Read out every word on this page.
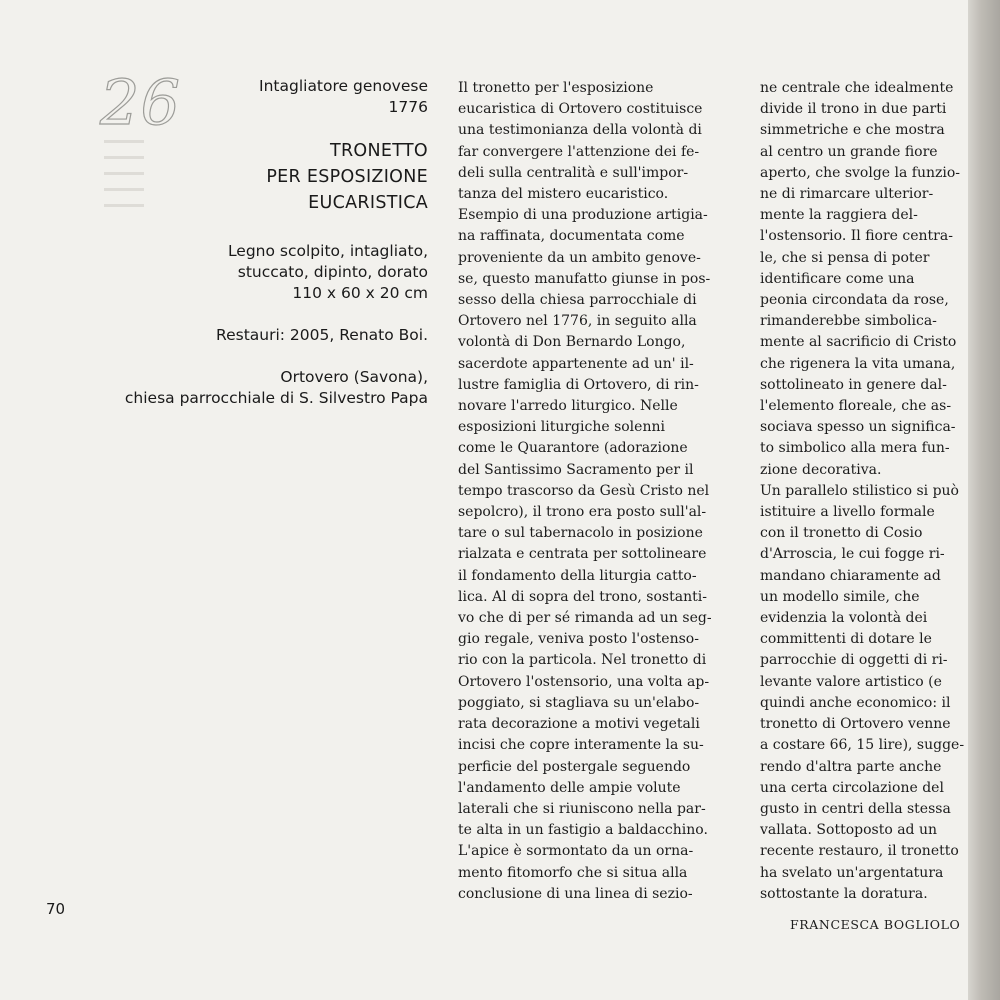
26	Intagliatore genovese
1776
TRONETTO
PER ESPOSIZIONE
EUCARISTICA
Legno scolpito, intagliato,
stuccato, dipinto, dorato
110 x 60 x 20 cm
Restauri: 2005, Renato Boi.
Ortovero (Savona),
chiesa parrocchiale di S. Silvestro Papa
Il tronetto per l'esposizione
eucaristica di Ortovero costituisce
una testimonianza della volontà di
far convergere l'attenzione dei fe-
deli sulla centralità e sull'impor-
tanza del mistero eucaristico.
Esempio di una produzione artigia-
na raffinata, documentata come
proveniente da un ambito genove-
se, questo manufatto giunse in pos-
sesso della chiesa parrocchiale di
Ortovero nel 1776, in seguito alla
volontà di Don Bernardo Longo,
sacerdote appartenente ad un' il-
lustre famiglia di Ortovero, di rin-
novare l'arredo liturgico. Nelle
esposizioni liturgiche solenni
come le Quarantore (adorazione
del Santissimo Sacramento per il
tempo trascorso da Gesù Cristo nel
sepolcro), il trono era posto sull'al-
tare o sul tabernacolo in posizione
rialzata e centrata per sottolineare
il fondamento della liturgia catto-
lica. Al di sopra del trono, sostanti-
vo che di per sé rimanda ad un seg-
gio regale, veniva posto l'ostenso-
rio con la particola. Nel tronetto di
Ortovero l'ostensorio, una volta ap-
poggiato, si stagliava su un'elabo-
rata decorazione a motivi vegetali
incisi che copre interamente la su-
perficie del postergale seguendo
l'andamento delle ampie volute
laterali che si riuniscono nella par-
te alta in un fastigio a baldacchino.
L'apice è sormontato da un orna-
mento fitomorfo che si situa alla
conclusione di una linea di sezio-
ne centrale che idealmente
divide il trono in due parti
simmetriche e che mostra
al centro un grande fiore
aperto, che svolge la funzio-
ne di rimarcare ulterior-
mente la raggiera del-
l'ostensorio. Il fiore centra-
le, che si pensa di poter
identificare come una
peonia circondata da rose,
rimanderebbe simbolica-
mente al sacrificio di Cristo
che rigenera la vita umana,
sottolineato in genere dal-
l'elemento floreale, che as-
sociava spesso un significa-
to simbolico alla mera fun-
zione decorativa.
Un parallelo stilistico si può
istituire a livello formale
con il tronetto di Cosio
d'Arroscia, le cui fogge ri-
mandano chiaramente ad
un modello simile, che
evidenzia la volontà dei
committenti di dotare le
parrocchie di oggetti di ri-
levante valore artistico (e
quindi anche economico: il
tronetto di Ortovero venne
a costare 66, 15 lire), sugge-
rendo d'altra parte anche
una certa circolazione del
gusto in centri della stessa
vallata. Sottoposto ad un
recente restauro, il tronetto
ha svelato un'argentatura
sottostante la doratura.
FRANCESCA BOGLIOLO
70
